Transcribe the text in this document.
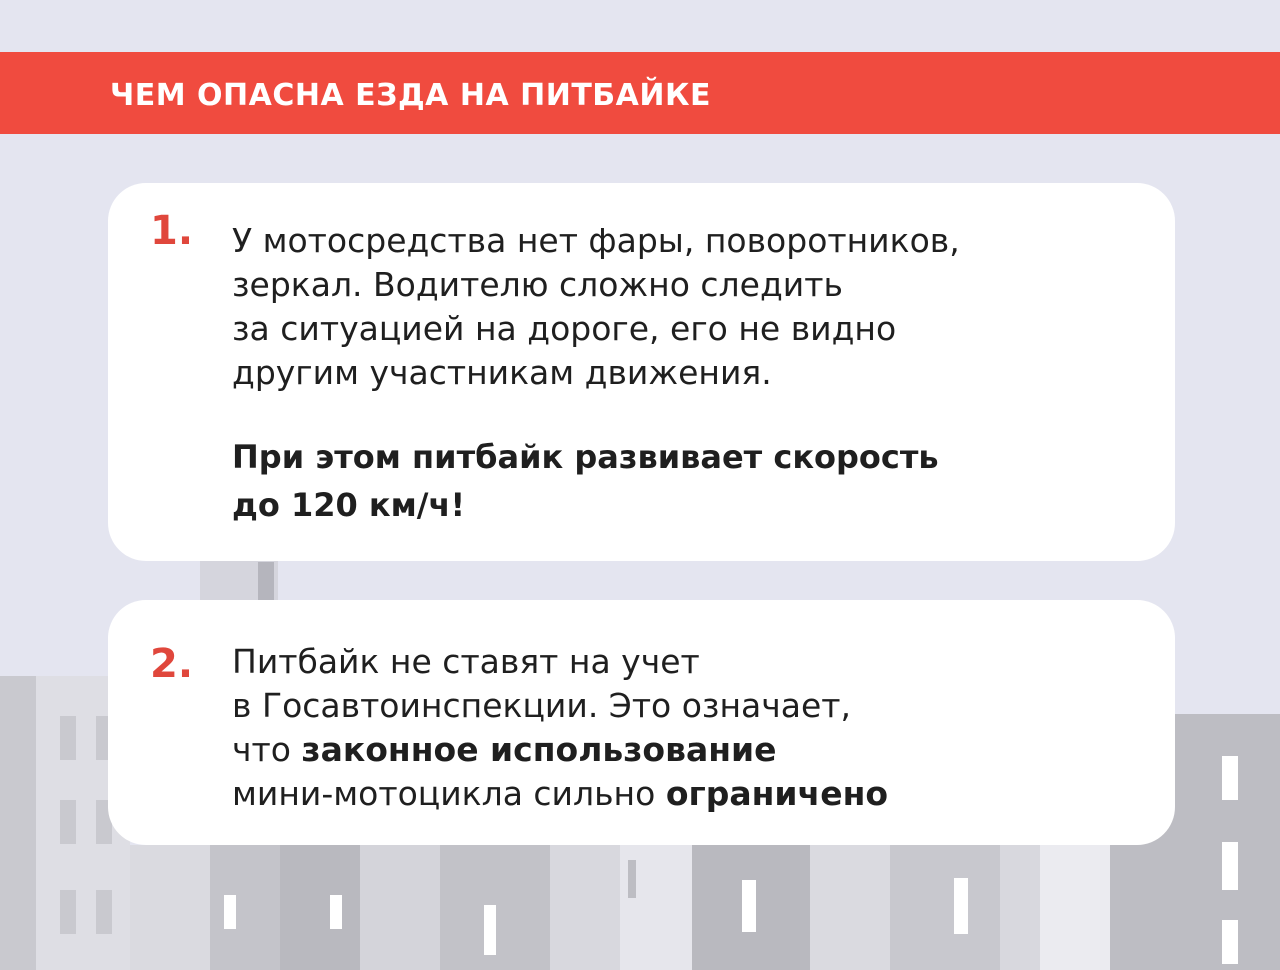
ЧЕМ ОПАСНА ЕЗДА НА ПИТБАЙКЕ
1. У мотосредства нет фары, поворотников,
зеркал. Водителю сложно следить
за ситуацией на дороге, его не видно
другим участникам движения.
При этом питбайк развивает скорость
до 120 км/ч!
2. Питбайк не ставят на учет
в Госавтоинспекции. Это означает,
что законное использование
мини-мотоцикла сильно ограничено
